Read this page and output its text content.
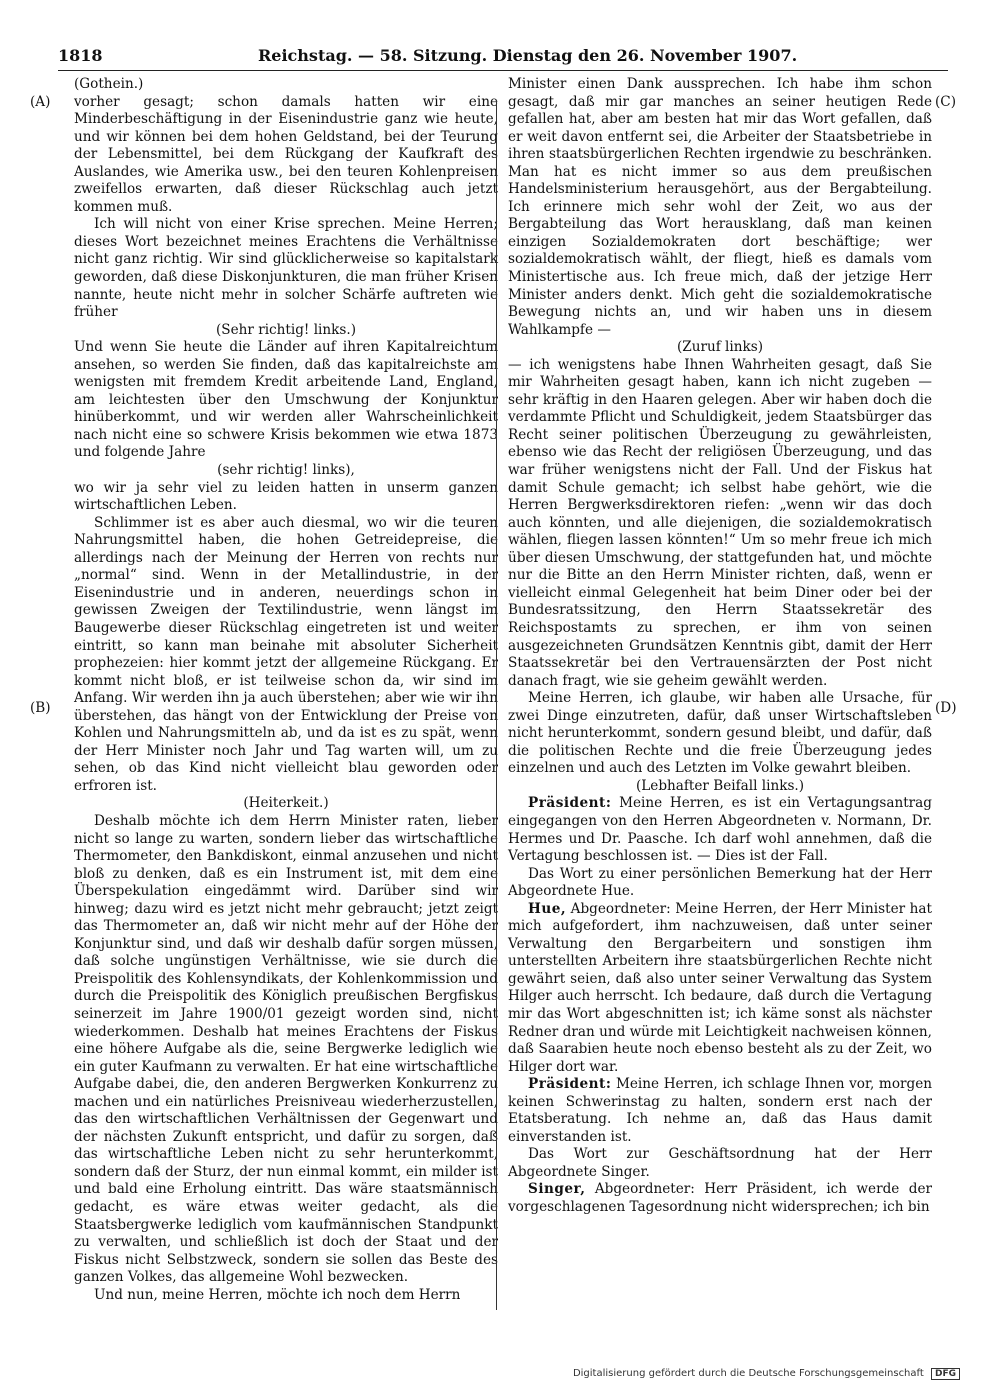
1818	Reichstag. — 58. Sitzung. Dienstag den 26. November 1907.
(A)
(B)
(C)
(D)

(Gothein.)

vorher gesagt; schon damals hatten wir eine Minderbeschäftigung in der Eisenindustrie ganz wie heute, und wir können bei dem hohen Geldstand, bei der Teurung der Lebensmittel, bei dem Rückgang der Kaufkraft des Auslandes, wie Amerika usw., bei den teuren Kohlenpreisen zweifellos erwarten, daß dieser Rückschlag auch jetzt kommen muß.

Ich will nicht von einer Krise sprechen. Meine Herren; dieses Wort bezeichnet meines Erachtens die Verhältnisse nicht ganz richtig. Wir sind glücklicherweise so kapitalstark geworden, daß diese Diskonjunkturen, die man früher Krisen nannte, heute nicht mehr in solcher Schärfe auftreten wie früher

(Sehr richtig! links.)

Und wenn Sie heute die Länder auf ihren Kapitalreichtum ansehen, so werden Sie finden, daß das kapitalreichste am wenigsten mit fremdem Kredit arbeitende Land, England, am leichtesten über den Umschwung der Konjunktur hinüberkommt, und wir werden aller Wahrscheinlichkeit nach nicht eine so schwere Krisis bekommen wie etwa 1873 und folgende Jahre

(sehr richtig! links),

wo wir ja sehr viel zu leiden hatten in unserm ganzen wirtschaftlichen Leben.

Schlimmer ist es aber auch diesmal, wo wir die teuren Nahrungsmittel haben, die hohen Getreidepreise, die allerdings nach der Meinung der Herren von rechts nur „normal“ sind. Wenn in der Metallindustrie, in der Eisenindustrie und in anderen, neuerdings schon in gewissen Zweigen der Textilindustrie, wenn längst im Baugewerbe dieser Rückschlag eingetreten ist und weiter eintritt, so kann man beinahe mit absoluter Sicherheit prophezeien: hier kommt jetzt der allgemeine Rückgang. Er kommt nicht bloß, er ist teilweise schon da, wir sind im Anfang. Wir werden ihn ja auch überstehen; aber wie wir ihn überstehen, das hängt von der Entwicklung der Preise von Kohlen und Nahrungsmitteln ab, und da ist es zu spät, wenn der Herr Minister noch Jahr und Tag warten will, um zu sehen, ob das Kind nicht vielleicht blau geworden oder erfroren ist.

(Heiterkeit.)

Deshalb möchte ich dem Herrn Minister raten, lieber nicht so lange zu warten, sondern lieber das wirtschaftliche Thermometer, den Bankdiskont, einmal anzusehen und nicht bloß zu denken, daß es ein Instrument ist, mit dem eine Überspekulation eingedämmt wird. Darüber sind wir hinweg; dazu wird es jetzt nicht mehr gebraucht; jetzt zeigt das Thermometer an, daß wir nicht mehr auf der Höhe der Konjunktur sind, und daß wir deshalb dafür sorgen müssen, daß solche ungünstigen Verhältnisse, wie sie durch die Preispolitik des Kohlensyndikats, der Kohlenkommission und durch die Preispolitik des Königlich preußischen Bergfiskus seinerzeit im Jahre 1900/01 gezeigt worden sind, nicht wiederkommen. Deshalb hat meines Erachtens der Fiskus eine höhere Aufgabe als die, seine Bergwerke lediglich wie ein guter Kaufmann zu verwalten. Er hat eine wirtschaftliche Aufgabe dabei, die, den anderen Bergwerken Konkurrenz zu machen und ein natürliches Preisniveau wiederherzustellen, das den wirtschaftlichen Verhältnissen der Gegenwart und der nächsten Zukunft entspricht, und dafür zu sorgen, daß das wirtschaftliche Leben nicht zu sehr herunterkommt, sondern daß der Sturz, der nun einmal kommt, ein milder ist und bald eine Erholung eintritt. Das wäre staatsmännisch gedacht, es wäre etwas weiter gedacht, als die Staatsbergwerke lediglich vom kaufmännischen Standpunkt zu verwalten, und schließlich ist doch der Staat und der Fiskus nicht Selbstzweck, sondern sie sollen das Beste des ganzen Volkes, das allgemeine Wohl bezwecken.

Und nun, meine Herren, möchte ich noch dem Herrn

Minister einen Dank aussprechen. Ich habe ihm schon gesagt, daß mir gar manches an seiner heutigen Rede gefallen hat, aber am besten hat mir das Wort gefallen, daß er weit davon entfernt sei, die Arbeiter der Staatsbetriebe in ihren staatsbürgerlichen Rechten irgendwie zu beschränken. Man hat es nicht immer so aus dem preußischen Handelsministerium herausgehört, aus der Bergabteilung. Ich erinnere mich sehr wohl der Zeit, wo aus der Bergabteilung das Wort herausklang, daß man keinen einzigen Sozialdemokraten dort beschäftige; wer sozialdemokratisch wählt, der fliegt, hieß es damals vom Ministertische aus. Ich freue mich, daß der jetzige Herr Minister anders denkt. Mich geht die sozialdemokratische Bewegung nichts an, und wir haben uns in diesem Wahlkampfe —

(Zuruf links)

— ich wenigstens habe Ihnen Wahrheiten gesagt, daß Sie mir Wahrheiten gesagt haben, kann ich nicht zugeben — sehr kräftig in den Haaren gelegen. Aber wir haben doch die verdammte Pflicht und Schuldigkeit, jedem Staatsbürger das Recht seiner politischen Überzeugung zu gewährleisten, ebenso wie das Recht der religiösen Überzeugung, und das war früher wenigstens nicht der Fall. Und der Fiskus hat damit Schule gemacht; ich selbst habe gehört, wie die Herren Bergwerksdirektoren riefen: „wenn wir das doch auch könnten, und alle diejenigen, die sozialdemokratisch wählen, fliegen lassen könnten!“ Um so mehr freue ich mich über diesen Umschwung, der stattgefunden hat, und möchte nur die Bitte an den Herrn Minister richten, daß, wenn er vielleicht einmal Gelegenheit hat beim Diner oder bei der Bundesratssitzung, den Herrn Staatssekretär des Reichspostamts zu sprechen, er ihm von seinen ausgezeichneten Grundsätzen Kenntnis gibt, damit der Herr Staatssekretär bei den Vertrauensärzten der Post nicht danach fragt, wie sie geheim gewählt werden.

Meine Herren, ich glaube, wir haben alle Ursache, für zwei Dinge einzutreten, dafür, daß unser Wirtschaftsleben nicht herunterkommt, sondern gesund bleibt, und dafür, daß die politischen Rechte und die freie Überzeugung jedes einzelnen und auch des Letzten im Volke gewahrt bleiben.

(Lebhafter Beifall links.)

Präsident: Meine Herren, es ist ein Vertagungsantrag eingegangen von den Herren Abgeordneten v. Normann, Dr. Hermes und Dr. Paasche. Ich darf wohl annehmen, daß die Vertagung beschlossen ist. — Dies ist der Fall.

Das Wort zu einer persönlichen Bemerkung hat der Herr Abgeordnete Hue.

Hue, Abgeordneter: Meine Herren, der Herr Minister hat mich aufgefordert, ihm nachzuweisen, daß unter seiner Verwaltung den Bergarbeitern und sonstigen ihm unterstellten Arbeitern ihre staatsbürgerlichen Rechte nicht gewährt seien, daß also unter seiner Verwaltung das System Hilger auch herrscht. Ich bedaure, daß durch die Vertagung mir das Wort abgeschnitten ist; ich käme sonst als nächster Redner dran und würde mit Leichtigkeit nachweisen können, daß Saarabien heute noch ebenso besteht als zu der Zeit, wo Hilger dort war.

Präsident: Meine Herren, ich schlage Ihnen vor, morgen keinen Schwerinstag zu halten, sondern erst nach der Etatsberatung. Ich nehme an, daß das Haus damit einverstanden ist.

Das Wort zur Geschäftsordnung hat der Herr Abgeordnete Singer.

Singer, Abgeordneter: Herr Präsident, ich werde der vorgeschlagenen Tagesordnung nicht widersprechen; ich bin

Digitalisierung gefördert durch die Deutsche Forschungsgemeinschaft DFG
